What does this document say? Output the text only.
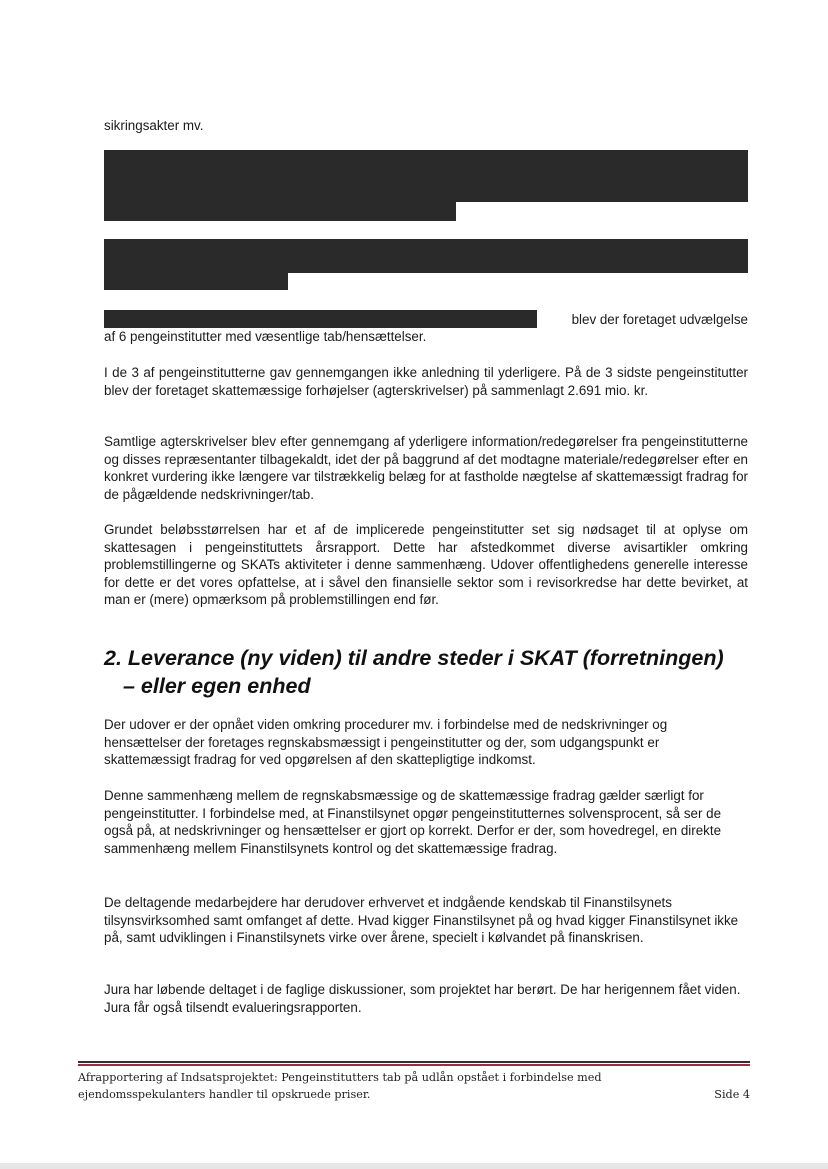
sikringsakter mv.

blev der foretaget udvælgelse

af 6 pengeinstitutter med væsentlige tab/hensættelser.

I de 3 af pengeinstitutterne gav gennemgangen ikke anledning til yderligere. På de 3 sidste pengeinstitutter blev der foretaget skattemæssige forhøjelser (agterskrivelser) på sammenlagt 2.691 mio. kr.

Samtlige agterskrivelser blev efter gennemgang af yderligere information/redegørelser fra pengeinstitutterne og disses repræsentanter tilbagekaldt, idet der på baggrund af det modtagne materiale/redegørelser efter en konkret vurdering ikke længere var tilstrækkelig belæg for at fastholde nægtelse af skattemæssigt fradrag for de pågældende nedskrivninger/tab.

Grundet beløbsstørrelsen har et af de implicerede pengeinstitutter set sig nødsaget til at oplyse om skattesagen i pengeinstituttets årsrapport. Dette har afstedkommet diverse avisartikler omkring problemstillingerne og SKATs aktiviteter i denne sammenhæng. Udover offentlighedens generelle interesse for dette er det vores opfattelse, at i såvel den finansielle sektor som i revisorkredse har dette bevirket, at man er (mere) opmærksom på problemstillingen end før.

2. Leverance (ny viden) til andre steder i SKAT (forretningen)
– eller egen enhed

Der udover er der opnået viden omkring procedurer mv. i forbindelse med de nedskrivninger og hensættelser der foretages regnskabsmæssigt i pengeinstitutter og der, som udgangspunkt er skattemæssigt fradrag for ved opgørelsen af den skattepligtige indkomst.

Denne sammenhæng mellem de regnskabsmæssige og de skattemæssige fradrag gælder særligt for pengeinstitutter. I forbindelse med, at Finanstilsynet opgør pengeinstitutternes solvensprocent, så ser de også på, at nedskrivninger og hensættelser er gjort op korrekt. Derfor er der, som hovedregel, en direkte sammenhæng mellem Finanstilsynets kontrol og det skattemæssige fradrag.

De deltagende medarbejdere har derudover erhvervet et indgående kendskab til Finanstilsynets tilsynsvirksomhed samt omfanget af dette. Hvad kigger Finanstilsynet på og hvad kigger Finanstilsynet ikke på, samt udviklingen i Finanstilsynets virke over årene, specielt i kølvandet på finanskrisen.

Jura har løbende deltaget i de faglige diskussioner, som projektet har berørt. De har herigennem fået viden. Jura får også tilsendt evalueringsrapporten.

Afrapportering af Indsatsprojektet: Pengeinstitutters tab på udlån opstået i forbindelse med
ejendomsspekulanters handler til opskruede priser.	Side 4
